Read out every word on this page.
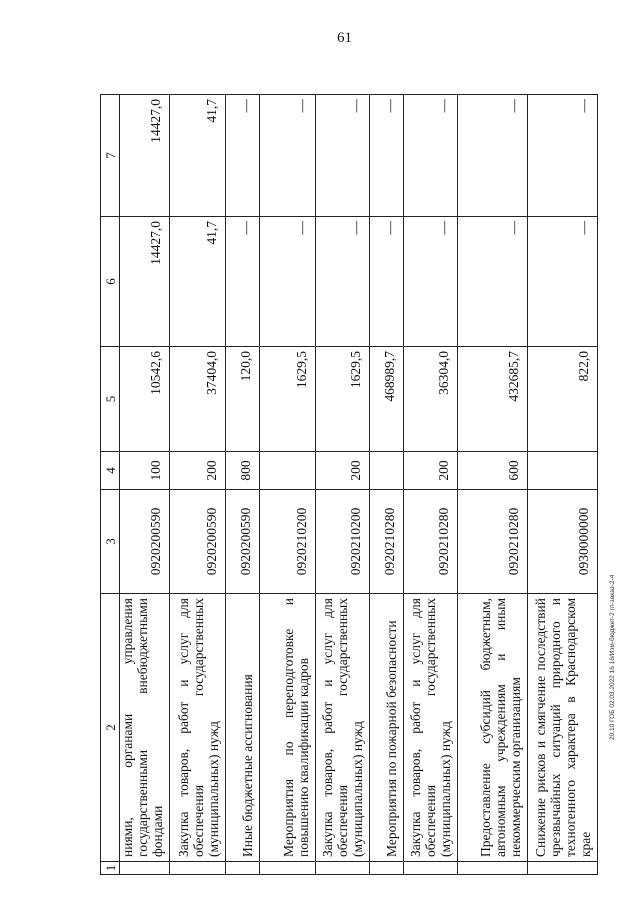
61
20.10 ГОБ 02.03.2022 16 16/Изм-бюджет-2 гп-заказ-2-4
1	2	3	4	5	6	7
	ниями, органами управления государственными внебюджетными фондами	0920200590	100	10542,6	14427,0	14427,0
	Закупка товаров, работ и услуг для обеспечения государственных (муниципальных) нужд	0920200590	200	37404,0	41,7	41,7
	Иные бюджетные ассигнования	0920200590	800	120,0	—	—
	Мероприятия по переподготовке и повышению квалификации кадров	0920210200		1629,5	—	—
	Закупка товаров, работ и услуг для обеспечения государственных (муниципальных) нужд	0920210200	200	1629,5	—	—
	Мероприятия по пожарной безопасности	0920210280		468989,7	—	—
	Закупка товаров, работ и услуг для обеспечения государственных (муниципальных) нужд	0920210280	200	36304,0	—	—
	Предоставление субсидий бюджетным, автономным учреждениям и иным некоммерческим организациям	0920210280	600	432685,7	—	—
	Снижение рисков и смягчение последствий чрезвычайных ситуаций природного и техногенного характера в Краснодарском крае	0930000000		822,0	—	—
